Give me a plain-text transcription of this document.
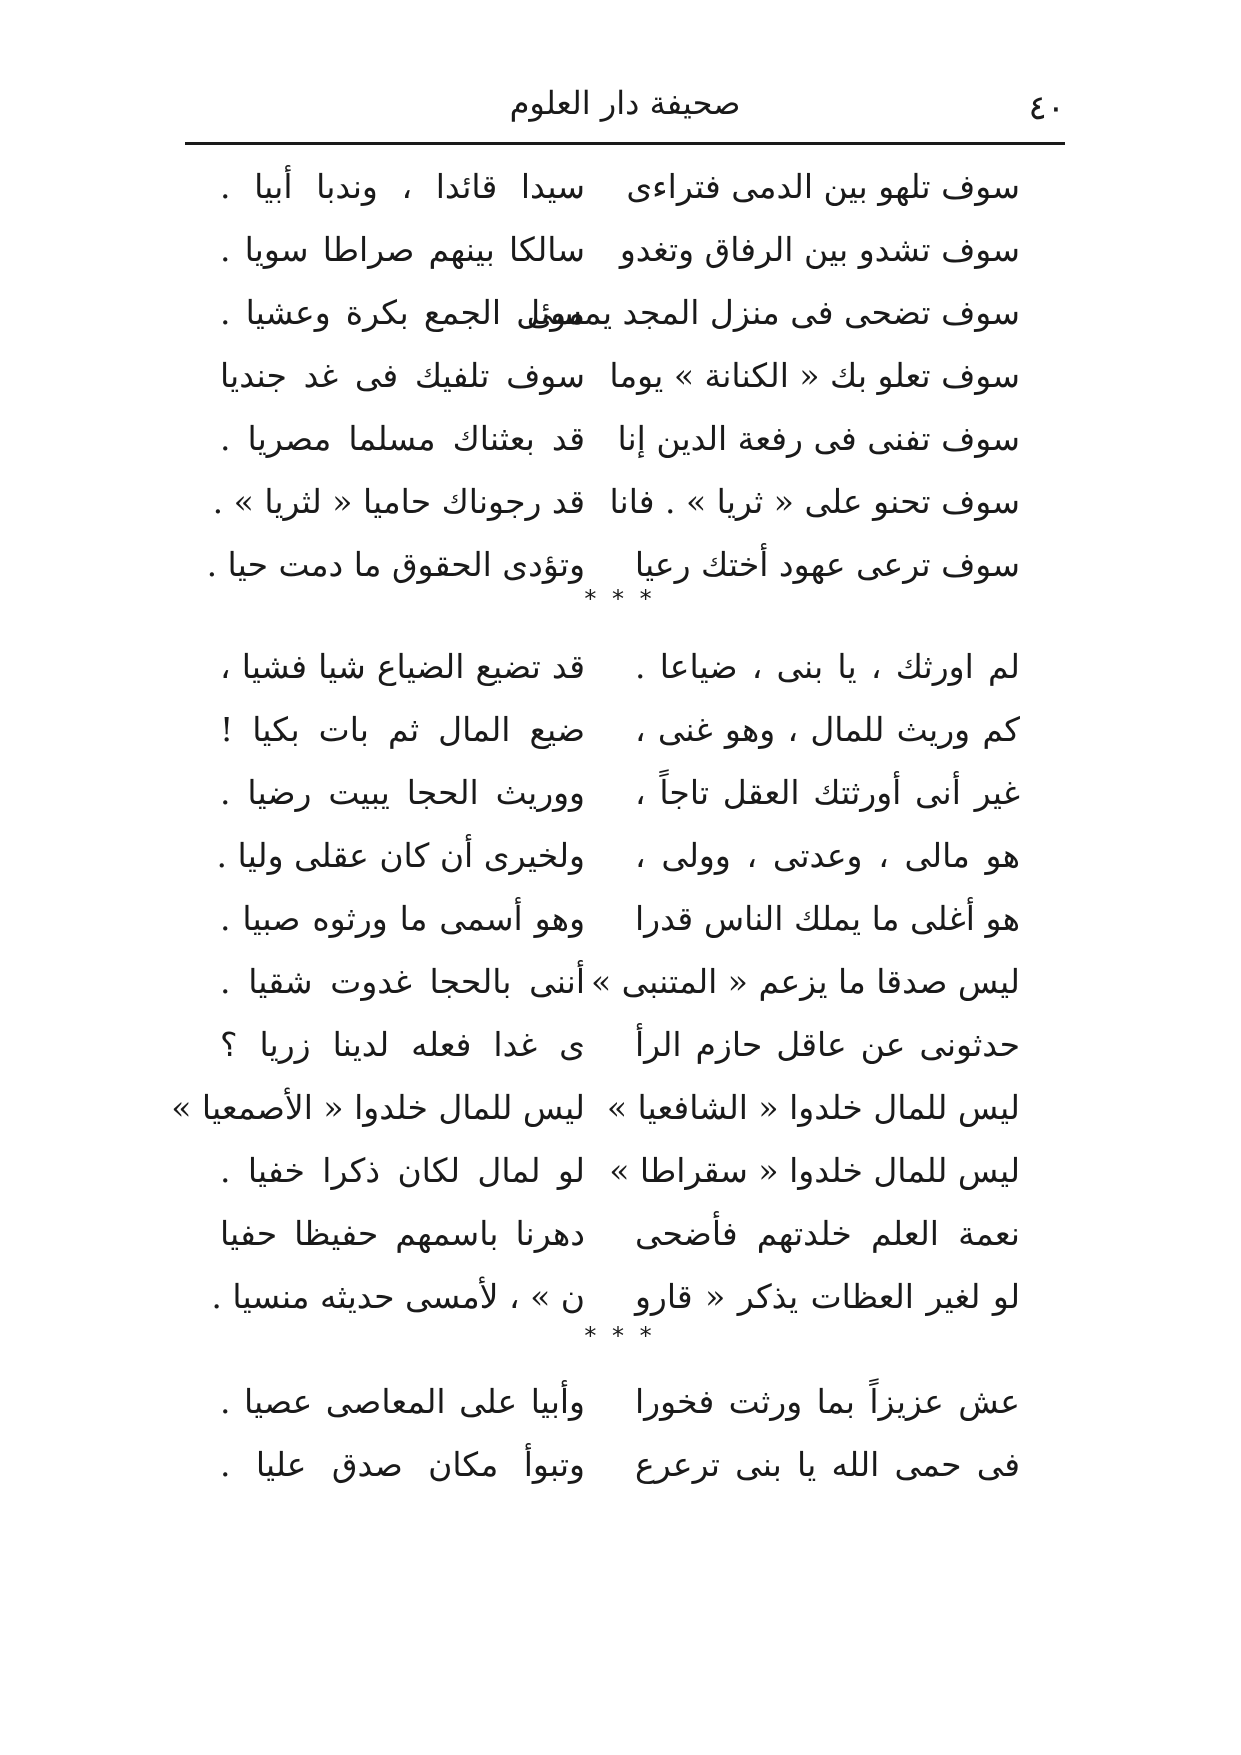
٤٠
صحيفة دار العلوم
سوف تلهو بين الدمى فتراءى
سيدا قائدا ، وندبا أبيا .
سوف تشدو بين الرفاق وتغدو
سالكا بينهم صراطا سويا .
سوف تضحى فى منزل المجد يمسى
موئل الجمع بكرة وعشيا .
سوف تعلو بك « الكنانة » يوما
سوف تلفيك فى غد جنديا
سوف تفنى فى رفعة الدين إنا
قد بعثناك مسلما مصريا .
سوف تحنو على « ثريا » . فانا
قد رجوناك حاميا « لثريا » .
سوف ترعى عهود أختك رعيا
وتؤدى الحقوق ما دمت حيا .
* * *
لم اورثك ، يا بنى ، ضياعا .
قد تضيع الضياع شيا فشيا ،
كم وريث للمال ، وهو غنى ،
ضيع المال ثم بات بكيا !
غير أنى أورثتك العقل تاجاً ،
ووريث الحجا يبيت رضيا .
هو مالى ، وعدتى ، وولى ،
ولخيرى أن كان عقلى وليا .
هو أغلى ما يملك الناس قدرا
وهو أسمى ما ورثوه صبيا .
ليس صدقا ما يزعم « المتنبى »
أننى بالحجا غدوت شقيا .
حدثونى عن عاقل حازم الرأ
ى غدا فعله لدينا زريا ؟
ليس للمال خلدوا « الشافعيا »
ليس للمال خلدوا « الأصمعيا »
ليس للمال خلدوا « سقراطا »
لو لمال لكان ذكرا خفيا .
نعمة العلم خلدتهم فأضحى
دهرنا باسمهم حفيظا حفيا
لو لغير العظات يذكر « قارو
ن » ، لأمسى حديثه منسيا .
* * *
عش عزيزاً بما ورثت فخورا
وأبيا على المعاصى عصيا .
فى حمى الله يا بنى ترعرع
وتبوأ مكان صدق عليا .
